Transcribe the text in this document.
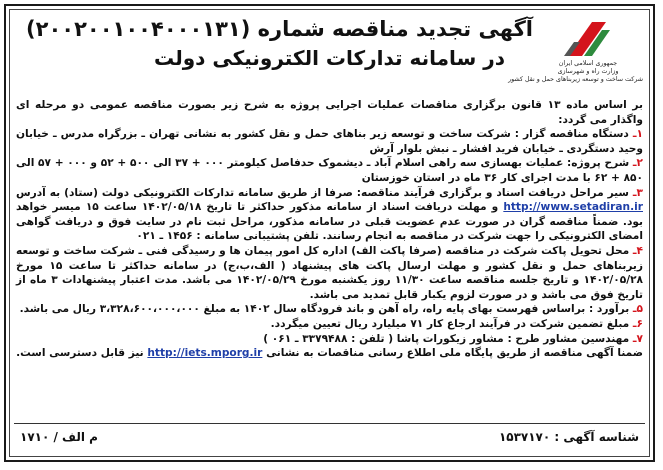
جمهوری اسلامی ایران
وزارت راه و شهرسازی
شرکت ساخت و توسعه زیربناهای حمل و نقل کشور
آگهی تجدید مناقصه شماره (۲۰۰۲۰۰۱۰۰۴۰۰۰۱۳۱)
در سامانه تدارکات الکترونیکی دولت

بر اساس ماده ۱۳ قانون برگزاری مناقصات عملیات اجرایی پروژه به شرح زیر بصورت مناقصه عمومی دو مرحله ای واگذار می گردد:

۱ـ دستگاه مناقصه گزار : شرکت ساخت و توسعه زیر بناهای حمل و نقل کشور به نشانی تهران ـ بزرگراه مدرس ـ خیابان وحید دستگردی ـ خیابان فرید افشار ـ نبش بلوار آرش

۲ـ شرح پروژه: عملیات بهسازی سه راهی اسلام آباد ـ دیشموک حدفاصل کیلومتر ۰۰۰ + ۳۷ الی ۵۰۰ + ۵۲ و ۰۰۰ + ۵۷ الی ۸۵۰ + ۶۲ با مدت اجرای کار ۳۶ ماه در استان خوزستان

۳ـ سیر مراحل دریافت اسناد و برگزاری فرآیند مناقصه: صرفا از طریق سامانه تدارکات الکترونیکی دولت (ستاد) به آدرس http://www.setadiran.ir و مهلت دریافت اسناد از سامانه مذکور حداکثر تا تاریخ ۱۴۰۲/۰۵/۱۸ ساعت ۱۵ میسر خواهد بود. ضمناً مناقصه گران در صورت عدم عضویت قبلی در سامانه مذکور، مراحل ثبت نام در سایت فوق و دریافت گواهی امضای الکترونیکی را جهت شرکت در مناقصه به انجام رسانند. تلفن پشتیبانی سامانه : ۱۴۵۶ ـ ۰۲۱

۴ـ محل تحویل پاکت شرکت در مناقصه (صرفا پاکت الف) اداره کل امور پیمان ها و رسیدگی فنی ـ شرکت ساخت و توسعه زیربناهای حمل و نقل کشور و مهلت ارسال پاکت های پیشنهاد ( الف،ب،ج) در سامانه حداکثر تا ساعت ۱۵ مورخ ۱۴۰۲/۰۵/۲۸ و تاریخ جلسه مناقصه ساعت ۱۱/۳۰ روز یکشنبه مورخ ۱۴۰۲/۰۵/۲۹ می باشد. مدت اعتبار پیشنهادات ۳ ماه از تاریخ فوق می باشد و در صورت لزوم یکبار قابل تمدید می باشد.

۵ـ برآورد : براساس فهرست بهای پایه راه، راه آهن و باند فرودگاه سال ۱۴۰۲ به مبلغ ۳،۳۲۸،۶۰۰،۰۰۰،۰۰۰ ریال می باشد.

۶ـ مبلغ تضمین شرکت در فرآیند ارجاع کار ۷۱ میلیارد ریال تعیین میگردد.

۷ـ مهندسین مشاور طرح : مشاور زیکورات پاشا ( تلفن : ۳۳۷۹۴۸۸ ـ ۰۶۱ )

ضمنا آگهی مناقصه از طریق پایگاه ملی اطلاع رسانی مناقصات به نشانی http://iets.mporg.ir نیز قابل دسترسی است.

شناسه آگهی : ۱۵۳۷۱۷۰
م الف / ۱۷۱۰
